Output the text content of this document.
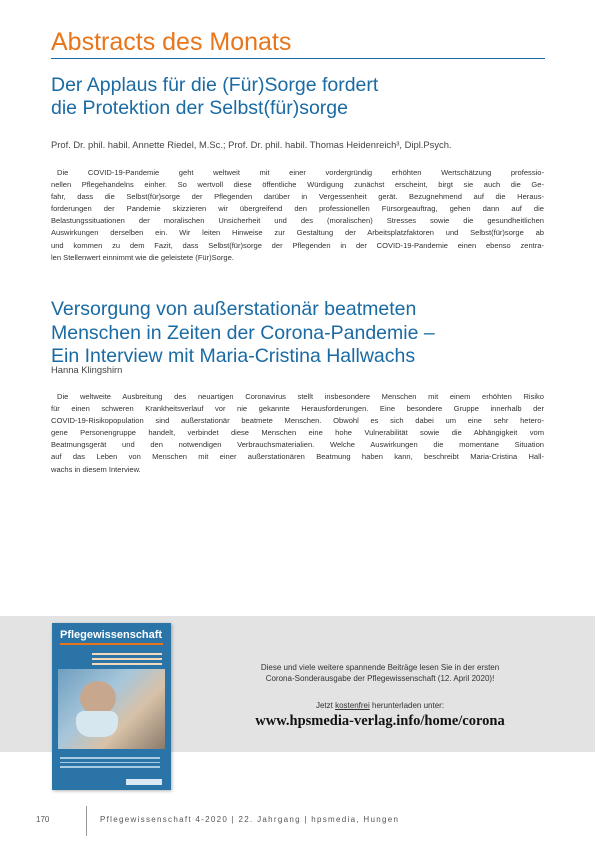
Abstracts des Monats
Der Applaus für die (Für)Sorge fordert
die Protektion der Selbst(für)sorge
Prof. Dr. phil. habil. Annette Riedel, M.Sc.; Prof. Dr. phil. habil. Thomas Heidenreich³, Dipl.Psych.

Die COVID-19-Pandemie geht weltweit mit einer vordergründig erhöhten Wertschätzung professio-
nellen Pflegehandelns einher. So wertvoll diese öffentliche Würdigung zunächst erscheint, birgt sie auch die Ge-
fahr, dass die Selbst(für)sorge der Pflegenden darüber in Vergessenheit gerät. Bezugnehmend auf die Heraus-
forderungen der Pandemie skizzieren wir übergreifend den professionellen Fürsorgeauftrag, gehen dann auf die
Belastungssituationen der moralischen Unsicherheit und des (moralischen) Stresses sowie die gesundheitlichen
Auswirkungen derselben ein. Wir leiten Hinweise zur Gestaltung der Arbeitsplatzfaktoren und Selbst(für)sorge ab
und kommen zu dem Fazit, dass Selbst(für)sorge der Pflegenden in der COVID-19-Pandemie einen ebenso zentra-
len Stellenwert einnimmt wie die geleistete (Für)Sorge.

Versorgung von außerstationär beatmeten
Menschen in Zeiten der Corona-Pandemie –
Ein Interview mit Maria-Cristina Hallwachs
Hanna Klingshirn

Die weltweite Ausbreitung des neuartigen Coronavirus stellt insbesondere Menschen mit einem erhöhten Risiko
für einen schweren Krankheitsverlauf vor nie gekannte Herausforderungen. Eine besondere Gruppe innerhalb der
COVID-19-Risikopopulation sind außerstationär beatmete Menschen. Obwohl es sich dabei um eine sehr hetero-
gene Personengruppe handelt, verbindet diese Menschen eine hohe Vulnerabilität sowie die Abhängigkeit vom
Beatmungsgerät und den notwendigen Verbrauchsmaterialien. Welche Auswirkungen die momentane Situation
auf das Leben von Menschen mit einer außerstationären Beatmung haben kann, beschreibt Maria-Cristina Hall-
wachs in diesem Interview.

Pflegewissenschaft
Diese und viele weitere spannende Beiträge lesen Sie in der ersten
Corona-Sonderausgabe der Pflegewissenschaft (12. April 2020)!
Jetzt kostenfrei herunterladen unter:
www.hpsmedia-verlag.info/home/corona
170	Pflegewissenschaft 4-2020 | 22. Jahrgang | hpsmedia, Hungen
